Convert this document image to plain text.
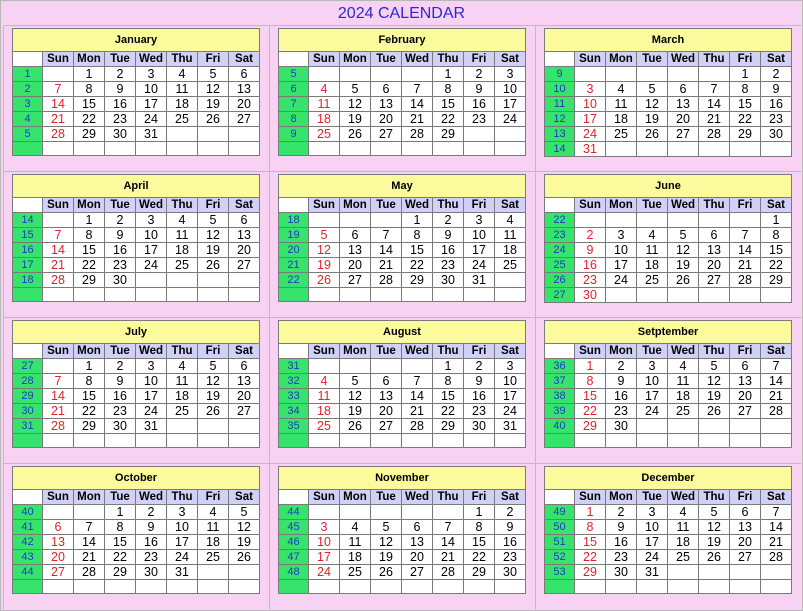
2024 CALENDAR
January							
	Sun	Mon	Tue	Wed	Thu	Fri	Sat
1		1	2	3	4	5	6
2	7	8	9	10	11	12	13
3	14	15	16	17	18	19	20
4	21	22	23	24	25	26	27
5	28	29	30	31			

February							
	Sun	Mon	Tue	Wed	Thu	Fri	Sat
5					1	2	3
6	4	5	6	7	8	9	10
7	11	12	13	14	15	16	17
8	18	19	20	21	22	23	24
9	25	26	27	28	29		

March							
	Sun	Mon	Tue	Wed	Thu	Fri	Sat
9						1	2
10	3	4	5	6	7	8	9
11	10	11	12	13	14	15	16
12	17	18	19	20	21	22	23
13	24	25	26	27	28	29	30
14	31						
April							
	Sun	Mon	Tue	Wed	Thu	Fri	Sat
14		1	2	3	4	5	6
15	7	8	9	10	11	12	13
16	14	15	16	17	18	19	20
17	21	22	23	24	25	26	27
18	28	29	30				

May							
	Sun	Mon	Tue	Wed	Thu	Fri	Sat
18				1	2	3	4
19	5	6	7	8	9	10	11
20	12	13	14	15	16	17	18
21	19	20	21	22	23	24	25
22	26	27	28	29	30	31	

June							
	Sun	Mon	Tue	Wed	Thu	Fri	Sat
22							1
23	2	3	4	5	6	7	8
24	9	10	11	12	13	14	15
25	16	17	18	19	20	21	22
26	23	24	25	26	27	28	29
27	30						
July							
	Sun	Mon	Tue	Wed	Thu	Fri	Sat
27		1	2	3	4	5	6
28	7	8	9	10	11	12	13
29	14	15	16	17	18	19	20
30	21	22	23	24	25	26	27
31	28	29	30	31			

August							
	Sun	Mon	Tue	Wed	Thu	Fri	Sat
31					1	2	3
32	4	5	6	7	8	9	10
33	11	12	13	14	15	16	17
34	18	19	20	21	22	23	24
35	25	26	27	28	29	30	31

Setptember							
	Sun	Mon	Tue	Wed	Thu	Fri	Sat
36	1	2	3	4	5	6	7
37	8	9	10	11	12	13	14
38	15	16	17	18	19	20	21
39	22	23	24	25	26	27	28
40	29	30					

October							
	Sun	Mon	Tue	Wed	Thu	Fri	Sat
40			1	2	3	4	5
41	6	7	8	9	10	11	12
42	13	14	15	16	17	18	19
43	20	21	22	23	24	25	26
44	27	28	29	30	31		

November							
	Sun	Mon	Tue	Wed	Thu	Fri	Sat
44						1	2
45	3	4	5	6	7	8	9
46	10	11	12	13	14	15	16
47	17	18	19	20	21	22	23
48	24	25	26	27	28	29	30

December							
	Sun	Mon	Tue	Wed	Thu	Fri	Sat
49	1	2	3	4	5	6	7
50	8	9	10	11	12	13	14
51	15	16	17	18	19	20	21
52	22	23	24	25	26	27	28
53	29	30	31				
